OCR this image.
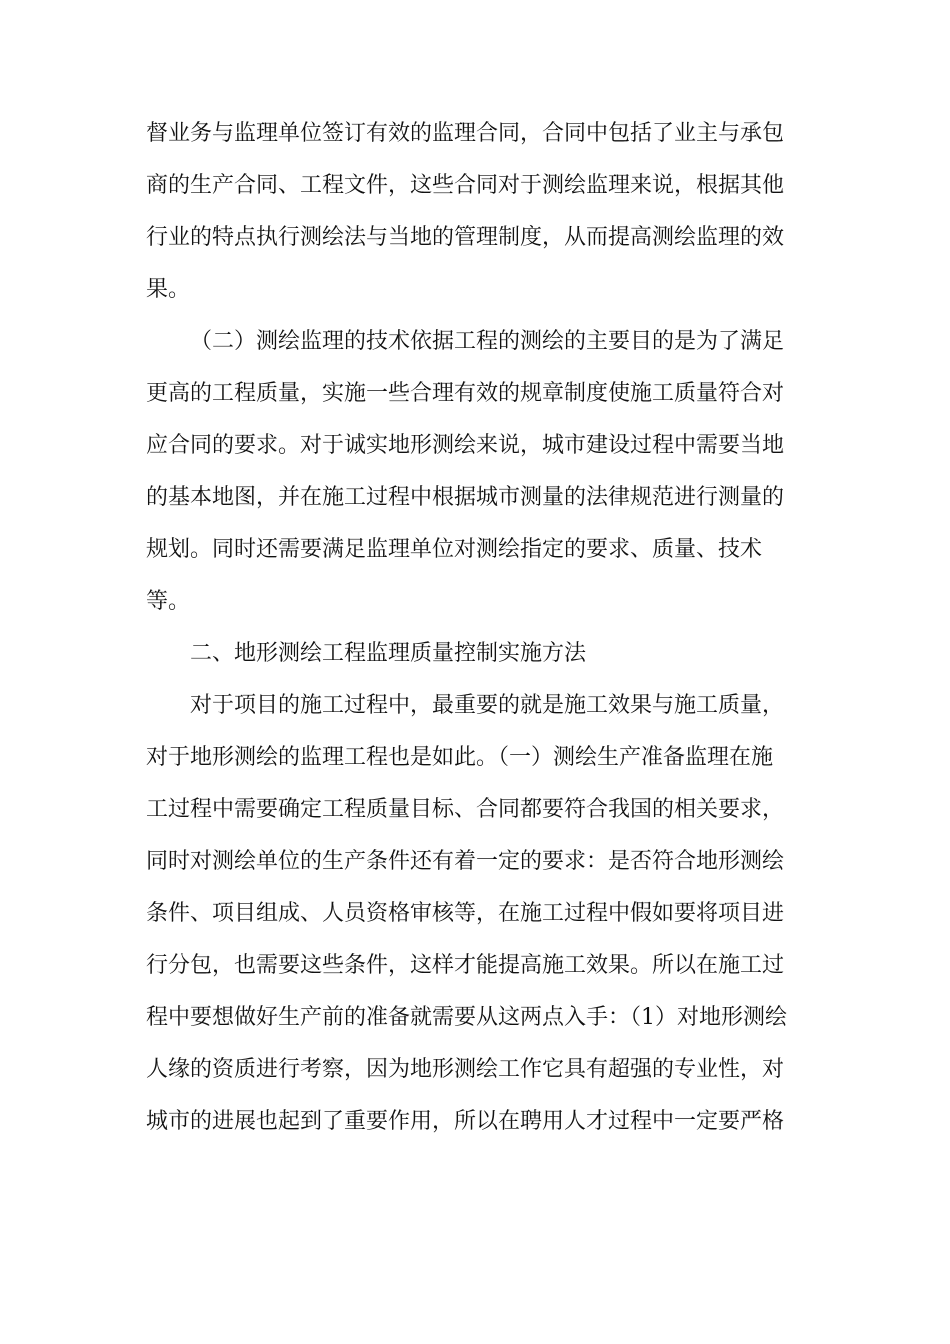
督业务与监理单位签订有效的监理合同，合同中包括了业主与承包
商的生产合同、工程文件，这些合同对于测绘监理来说，根据其他
行业的特点执行测绘法与当地的管理制度，从而提高测绘监理的效
果。
（二）测绘监理的技术依据工程的测绘的主要目的是为了满足
更高的工程质量，实施一些合理有效的规章制度使施工质量符合对
应合同的要求。对于诚实地形测绘来说，城市建设过程中需要当地
的基本地图，并在施工过程中根据城市测量的法律规范进行测量的
规划。同时还需要满足监理单位对测绘指定的要求、质量、技术
等。
二、地形测绘工程监理质量控制实施方法
对于项目的施工过程中，最重要的就是施工效果与施工质量，
对于地形测绘的监理工程也是如此。（一）测绘生产准备监理在施
工过程中需要确定工程质量目标、合同都要符合我国的相关要求，
同时对测绘单位的生产条件还有着一定的要求：是否符合地形测绘
条件、项目组成、人员资格审核等，在施工过程中假如要将项目进
行分包，也需要这些条件，这样才能提高施工效果。所以在施工过
程中要想做好生产前的准备就需要从这两点入手：（1）对地形测绘
人缘的资质进行考察，因为地形测绘工作它具有超强的专业性，对
城市的进展也起到了重要作用，所以在聘用人才过程中一定要严格
